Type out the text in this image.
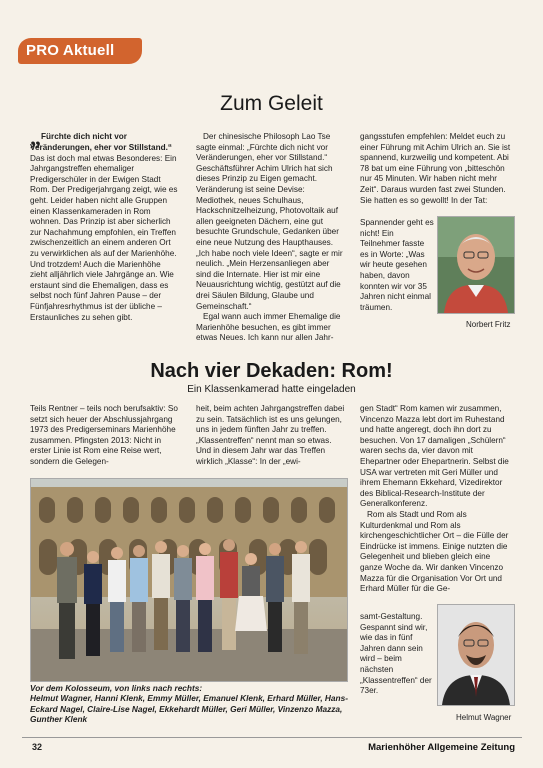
PRO Aktuell
Zum Geleit

„Fürchte dich nicht vor Veränderungen, eher vor Stillstand.“

Das ist doch mal etwas Besonderes: Ein Jahrgangstreffen ehemaliger Predigerschüler in der Ewigen Stadt Rom. Der Predigerjahrgang zeigt, wie es geht. Leider haben nicht alle Gruppen einen Klassenkameraden in Rom wohnen. Das Prinzip ist aber sicherlich zur Nachahmung empfohlen, ein Treffen zwischenzeitlich an einem anderen Ort zu verwirklichen als auf der Marienhöhe. Und trotzdem! Auch die Marienhöhe zieht alljährlich viele Jahrgänge an. Wie erstaunt sind die Ehemaligen, dass es selbst noch fünf Jahren Pause – der Fünfjahresrhythmus ist der übliche – Erstaunliches zu sehen gibt.

Der chinesische Philosoph Lao Tse sagte einmal: „Fürchte dich nicht vor Veränderungen, eher vor Stillstand.“ Geschäftsführer Achim Ulrich hat sich dieses Prinzip zu Eigen gemacht. Veränderung ist seine Devise: Mediothek, neues Schulhaus, Hackschnitzelheizung, Photovoltaik auf allen geeigneten Dächern, eine gut besuchte Grundschule, Gedanken über eine neue Nutzung des Haupthauses. „Ich habe noch viele Ideen“, sagte er mir neulich. „Mein Herzensanliegen aber sind die Internate. Hier ist mir eine Neuausrichtung wichtig, gestützt auf die drei Säulen Bildung, Glaube und Gemeinschaft.“

Egal wann auch immer Ehemalige die Marienhöhe besuchen, es gibt immer etwas Neues. Ich kann nur allen Jahr-

gangsstufen empfehlen: Meldet euch zu einer Führung mit Achim Ulrich an. Sie ist spannend, kurzweilig und kompetent. Abi 78 bat um eine Führung von „bitteschön nur 45 Minuten. Wir haben nicht mehr Zeit“. Daraus wurden fast zwei Stunden. Sie hatten es so gewollt! In der Tat:

Spannender geht es nicht! Ein Teilnehmer fasste es in Worte: „Was wir heute gesehen haben, davon konnten wir vor 35 Jahren nicht einmal träumen.

Norbert Fritz
Nach vier Dekaden: Rom!
Ein Klassenkamerad hatte eingeladen

Teils Rentner – teils noch berufsaktiv: So setzt sich heuer der Abschlussjahrgang 1973 des Predigerseminars Marienhöhe zusammen. Pfingsten 2013: Nicht in erster Linie ist Rom eine Reise wert, sondern die Gelegen-

heit, beim achten Jahrgangstreffen dabei zu sein. Tatsächlich ist es uns gelungen, uns in jedem fünften Jahr zu treffen. „Klassentreffen“ nennt man so etwas. Und in diesem Jahr war das Treffen wirklich „Klasse“: In der „ewi-

gen Stadt“ Rom kamen wir zusammen, Vincenzo Mazza lebt dort im Ruhestand und hatte angeregt, doch ihn dort zu besuchen. Von 17 damaligen „Schülern“ waren sechs da, vier davon mit Ehepartner oder Ehepartnerin. Selbst die USA war vertreten mit Geri Müller und ihrem Ehemann Ekkehard, Vizedirektor des Biblical-Research-Institute der Generalkonferenz.

Rom als Stadt und Rom als Kulturdenkmal und Rom als kirchengeschichtlicher Ort – die Fülle der Eindrücke ist immens. Einige nutzten die Gelegenheit und blieben gleich eine ganze Woche da. Wir danken Vincenzo Mazza für die Organisation Vor Ort und Erhard Müller für die Ge-

samt-Gestaltung. Gespannt sind wir, wie das in fünf Jahren dann sein wird – beim nächsten „Klassentreffen“ der 73er.

Helmut Wagner
Vor dem Kolosseum, von links nach rechts:
Helmut Wagner, Hanni Klenk, Emmy Müller, Emanuel Klenk, Erhard Müller, Hans-Eckard Nagel, Claire-Lise Nagel, Ekkehardt Müller, Geri Müller, Vinzenzo Mazza, Gunther Klenk
32	Marienhöher Allgemeine Zeitung
